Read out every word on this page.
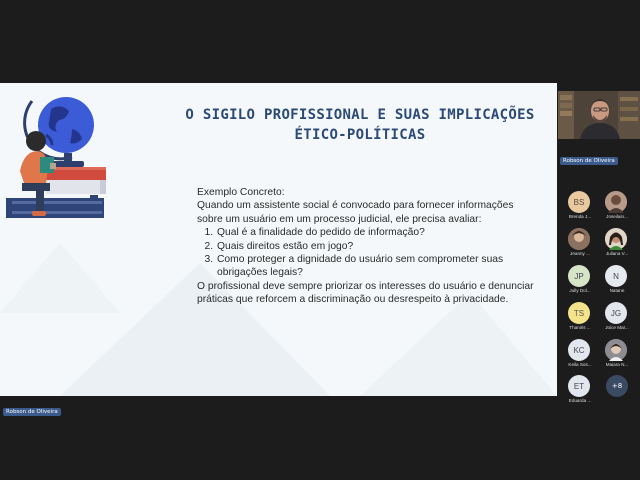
O SIGILO PROFISSIONAL E SUAS IMPLICAÇÕES
ÉTICO-POLÍTICAS

Exemplo Concreto:

Quando um assistente social é convocado para fornecer informações sobre um usuário em um processo judicial, ele precisa avaliar:

1. Qual é a finalidade do pedido de informação?
2. Quais direitos estão em jogo?
3. Como proteger a dignidade do usuário sem comprometer suas obrigações legais?

O profissional deve sempre priorizar os interesses do usuário e denunciar práticas que reforcem a discriminação ou desrespeito à privacidade.

Robson de Oliveira
Robson de Oliveira
BS
Brenda J...	Joseilain...
Jeanny ...	Juliana V...
JP
Jully Dol...
N
Natane
TS
Thaniris ...
JG
Joice Mar...
KC
Keila Sos...	Maiara N...
ET
Eduarda ...
+8
